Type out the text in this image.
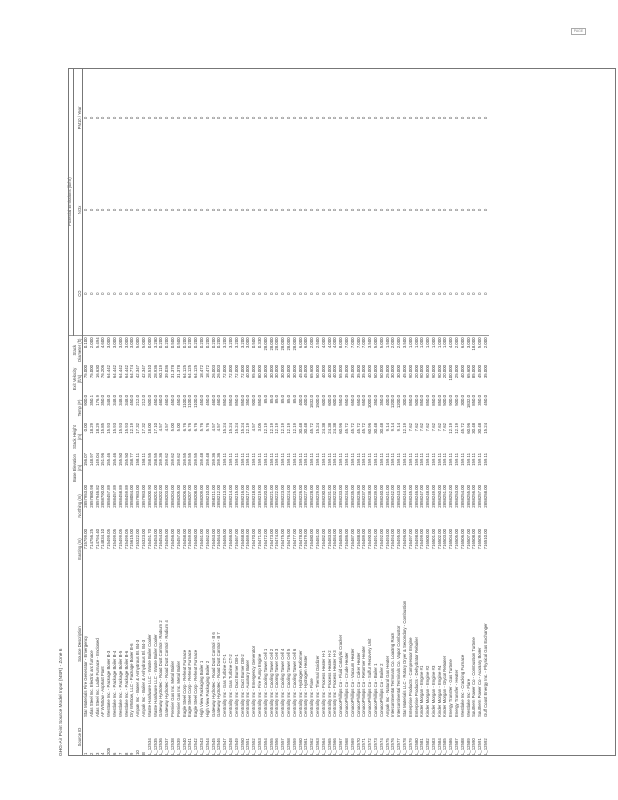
PAGE
GHG-Air Point Source Model Input (NSR) - Zone 6
									Potential Emissions (lb/hr)		
Source ID	Source Description	Easting (m)	Northing (m)	Base Elevation (m)	Stack Height (m)	Temp (F)	Exit Velocity (ft/s)	Stack Diameter (ft)	CO	NOx	PM10 / Year
1	Star Materials Fire Generator - Emergency	715799.00	2857953.00	156.07	0.00	900.0	75.000	0.100	0	0	0
2	Atlas Steel Inc. Electric arc furnace	714756.25	2857880.98	148.97	18.29	350.1	75.000	2.000	0	0	0
3	Atlas Steel Inc. Ladle Furnace - Enclosed	714794.40	2857946.82	149.04	18.29	176.9	16.630	5.494	0	0	0
4	AF Whitlow - Asphalt Plant	714834.10	2858790.00	151.96	15.85	350.0	76.206	4.600	0	0	0
205	Westlake Inc. - Package Boiler B-3	715499.05	2858457.89	155.46	15.93	348.0	64.442	3.000	0	0	0
6	Westlake Inc. - Package Boiler B-4	715499.05	2858457.89	155.46	15.93	348.0	64.442	3.000	0	0	0
7	Westlake Inc. - Package Boiler B-5	715499.05	2858458.89	155.50	15.93	348.0	64.442	3.000	0	0	0
8	Westlake Inc. - Package Boiler B-6	715499.05	2858459.89	155.50	15.93	348.0	64.442	3.000	0	0	0
9	Dry Whitlow, LLC - Package Boiler B-6	715615.00	2858084.00	158.77	12.19	450.0	64.774	3.000	0	0	0
10	Ampak Inc - Boiler & Anhydrous Bl. B4-3	716322.00	2857983.00	158.11	17.32	212.0	42.347	5.000	0	0	0
B	Ampak Inc - Boiler & Anhydrous Bl. B4-3	716323.00	2857983.00	158.11	17.32	212.0	42.347	5.000	0	0	0
L_12534	Waste Hardware LLC - Waste Boiler Cooler	716451.70	2858200.90	158.55	18.00	500.0	28.510	0.000	0	0	0
L_12535	Waste Hardware LLC - Waste Boiler Cooler	716453.00	2858201.00	158.55	17.10	450.0	28.936	3.280	0	0	0
L_12536	Gateway Hydrotec - Road Dust Control - Radium 2	716454.00	2858202.00	159.36	4.57	460.0	60.119	0.200	0	0	0
L_12537	Gateway Hydrotec - Road Dust Control - Radium 4	716455.00	2858203.00	159.62	4.57	460.0	39.036	0.200	0	0	0
L_12538	Premier Gas Inc. Metal Boiler	716456.00	2858204.00	159.62	5.00	450.0	31.378	0.500	0	0	0
L_12539	Premier Gas Inc. Metal Boiler	716457.00	2858205.00	159.62	5.00	450.0	31.378	0.500	0	0	0
L_12540	Eagle Steel Corp - Reheat Furnace	716458.00	2858206.00	159.55	6.76	1100.0	64.125	0.200	0	0	0
L_12541	Eagle Steel Corp - Reheat Furnace	716459.00	2858207.00	159.55	6.76	1100.0	64.125	0.200	0	0	0
L_12542	Eagle Steel Corp - Reheat Furnace	716460.00	2858208.00	159.55	6.76	1100.0	64.125	0.200	0	0	0
L_12543	High View Packaging Boiler 1	716461.00	2858209.00	159.48	5.76	450.0	18.472	0.200	0	0	0
L_12544	High View Packaging Boiler 2	716462.00	2858210.00	159.48	5.76	450.0	18.472	0.200	0	0	0
L_12545	Gateway Hydrotec - Road Dust Control - B 6	716463.00	2858211.00	159.36	4.57	460.0	26.003	0.200	0	0	0
L_12546	Gateway Hydrotec - Road Dust Control - B 7	716464.00	2858212.00	159.36	4.57	460.0	26.003	0.200	0	0	0
L_12547	Centrality Inc - Gas Turbine CT-1	716465.00	2858213.00	159.11	15.24	850.0	72.000	3.200	0	0	0
L_12548	Centrality Inc - Gas Turbine CT-2	716466.00	2858214.00	159.11	15.24	850.0	72.000	3.200	0	0	0
L_12549	Centrality Inc - Duct Burner DB-1	716467.00	2858215.00	159.11	15.24	850.0	72.000	3.200	0	0	0
L_12550	Centrality Inc - Duct Burner DB-2	716468.00	2858216.00	159.11	15.24	850.0	72.000	3.200	0	0	0
L_12551	Centrality Inc - Auxiliary Boiler	716469.00	2858217.00	159.11	12.19	350.0	40.000	3.000	0	0	0
L_12552	Centrality Inc - Emergency Generator	716470.00	2858218.00	159.11	4.57	900.0	95.000	0.500	0	0	0
L_12553	Centrality Inc - Fire Pump Engine	716471.00	2858219.00	159.11	3.05	850.0	80.000	0.330	0	0	0
L_12554	Centrality Inc - Cooling Tower Cell 1	716472.00	2858220.00	159.11	12.19	85.0	30.000	28.000	0	0	0
L_12555	Centrality Inc - Cooling Tower Cell 2	716473.00	2858221.00	159.11	12.19	85.0	30.000	28.000	0	0	0
L_12556	Centrality Inc - Cooling Tower Cell 3	716474.00	2858222.00	159.11	12.19	85.0	30.000	28.000	0	0	0
L_12557	Centrality Inc - Cooling Tower Cell 4	716475.00	2858223.00	159.11	12.19	85.0	30.000	28.000	0	0	0
L_12558	Centrality Inc - Cooling Tower Cell 5	716476.00	2858224.00	159.11	12.19	85.0	30.000	28.000	0	0	0
L_12559	Centrality Inc - Cooling Tower Cell 6	716477.00	2858225.00	159.11	12.19	85.0	30.000	28.000	0	0	0
L_12560	Centrality Inc - Hydrogen Reformer	716478.00	2858226.00	159.11	30.48	400.0	45.000	6.000	0	0	0
L_12561	Centrality Inc - Hydrogen Heater	716479.00	2858227.00	159.11	30.48	400.0	45.000	6.000	0	0	0
L_12562	Centrality Inc - Flare	716480.00	2858228.00	159.11	45.72	1832.0	65.600	2.000	0	0	0
L_12563	Centrality Inc - Thermal Oxidizer	716481.00	2858229.00	159.11	15.24	1500.0	50.000	2.500	0	0	0
L_12564	Centrality Inc - Process Heater H-1	716482.00	2858230.00	159.11	24.38	600.0	40.000	4.000	0	0	0
L_12565	Centrality Inc - Process Heater H-2	716483.00	2858231.00	159.11	24.38	600.0	40.000	4.000	0	0	0
L_12566	Centrality Inc - Process Heater H-3	716484.00	2858232.00	159.11	24.38	600.0	40.000	4.000	0	0	0
L_12567	ConocoPhillips Co - Fluid Catalytic Cracker	716485.00	2858233.00	159.11	60.96	550.0	55.000	8.000	0	0	0
L_12568	ConocoPhillips Co - Crude Heater	716486.00	2858234.00	159.11	45.72	650.0	35.000	7.000	0	0	0
L_12569	ConocoPhillips Co - Vacuum Heater	716487.00	2858235.00	159.11	45.72	650.0	35.000	7.000	0	0	0
L_12570	ConocoPhillips Co - Coker Heater	716488.00	2858236.00	159.11	45.72	650.0	35.000	7.000	0	0	0
L_12571	ConocoPhillips Co - Reformer Heater	716489.00	2858237.00	159.11	45.72	650.0	35.000	7.000	0	0	0
L_12572	ConocoPhillips Co - Sulfur Recovery Unit	716490.00	2858238.00	159.11	60.96	1000.0	40.000	3.500	0	0	0
L_12573	ConocoPhillips Co - Boiler 1	716491.00	2858239.00	159.11	30.48	350.0	50.000	5.000	0	0	0
L_12574	ConocoPhillips Co - Boiler 2	716492.00	2858240.00	159.11	30.48	350.0	50.000	5.000	0	0	0
L_12575	Ampak Inc - Natural Gas Heater	716493.00	2858241.00	159.11	9.14	400.0	25.000	1.500	0	0	0
L_12576	Intercontinental Terminals Co. Loading Rack	716494.00	2858242.00	159.11	9.14	1200.0	30.000	2.000	0	0	0
L_12577	Intercontinental Terminals Co. Vapor Combustor	716495.00	2858243.00	159.11	9.14	1200.0	30.000	2.000	0	0	0
L_12578	Star Materials LLC - Rotary Dryer & Secondary - Combustion	716496.00	2858244.00	159.11	12.19	300.0	45.000	3.500	0	0	0
L_12579	Enterprise Products - Compressor Engine	716497.00	2858245.00	159.11	7.62	850.0	90.000	1.000	0	0	0
L_12580	Enterprise Products - Dehydrator Reboiler	716498.00	2858246.00	159.11	7.62	500.0	20.000	1.000	0	0	0
L_12581	Kinder Morgan - Engine #1	716499.00	2858247.00	159.11	7.62	850.0	90.000	1.000	0	0	0
L_12582	Kinder Morgan - Engine #2	716500.00	2858248.00	159.11	7.62	850.0	90.000	1.000	0	0	0
L_12583	Kinder Morgan - Engine #3	716501.00	2858249.00	159.11	7.62	850.0	90.000	1.000	0	0	0
L_12584	Kinder Morgan - Engine #4	716502.00	2858250.00	159.11	7.62	850.0	90.000	1.000	0	0	0
L_12585	Kinder Morgan - Glycol Reboiler	716503.00	2858251.00	159.11	7.62	500.0	20.000	1.000	0	0	0
L_12586	Energy Transfer - Gas Turbine	716504.00	2858252.00	159.11	12.19	900.0	100.000	4.000	0	0	0
L_12587	Energy Transfer - Heater	716505.00	2858253.00	159.11	12.19	500.0	25.000	2.000	0	0	0
L_12588	Westlake Inc - Cracking Furnace	716506.00	2858254.00	159.11	45.72	300.0	40.000	6.000	0	0	0
L_12589	Westlake Inc - Flare	716507.00	2858255.00	159.11	60.96	1832.0	65.600	3.000	0	0	0
L_12590	Southern Power Co - Combustion Turbine	716508.00	2858256.00	159.11	30.48	850.0	85.000	18.000	0	0	0
L_12591	Southern Power Co - Auxiliary Boiler	716509.00	2858257.00	159.11	30.48	350.0	45.000	5.000	0	0	0
L_12592	Gulf Coast Energy Inc. - Physical Gas Exchanger	716510.00	2858258.00	159.11	15.24	450.0	35.000	2.000	0	0	0
